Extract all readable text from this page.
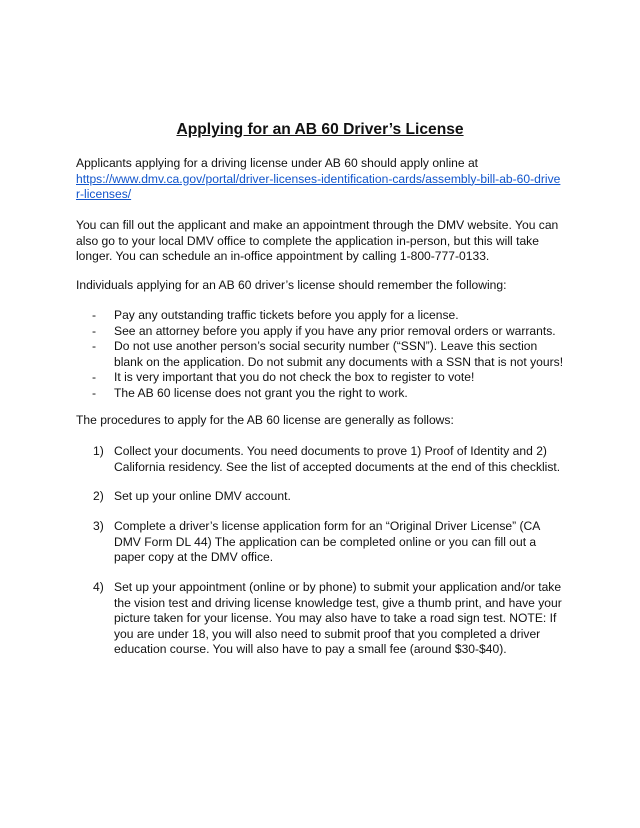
Applying for an AB 60 Driver’s License
Applicants applying for a driving license under AB 60 should apply online at
https://www.dmv.ca.gov/portal/driver-licenses-identification-cards/assembly-bill-ab-60-driver-licenses/

You can fill out the applicant and make an appointment through the DMV website. You can also go to your local DMV office to complete the application in-person, but this will take longer. You can schedule an in-office appointment by calling 1-800-777-0133.

Individuals applying for an AB 60 driver’s license should remember the following:

- Pay any outstanding traffic tickets before you apply for a license.
- See an attorney before you apply if you have any prior removal orders or warrants.
- Do not use another person’s social security number (“SSN”). Leave this section blank on the application. Do not submit any documents with a SSN that is not yours!
- It is very important that you do not check the box to register to vote!
- The AB 60 license does not grant you the right to work.

The procedures to apply for the AB 60 license are generally as follows:

1) Collect your documents. You need documents to prove 1) Proof of Identity and 2) California residency. See the list of accepted documents at the end of this checklist.
2) Set up your online DMV account.
3) Complete a driver’s license application form for an “Original Driver License” (CA DMV Form DL 44) The application can be completed online or you can fill out a paper copy at the DMV office.
4) Set up your appointment (online or by phone) to submit your application and/or take the vision test and driving license knowledge test, give a thumb print, and have your picture taken for your license. You may also have to take a road sign test. NOTE: If you are under 18, you will also need to submit proof that you completed a driver education course. You will also have to pay a small fee (around $30-$40).
